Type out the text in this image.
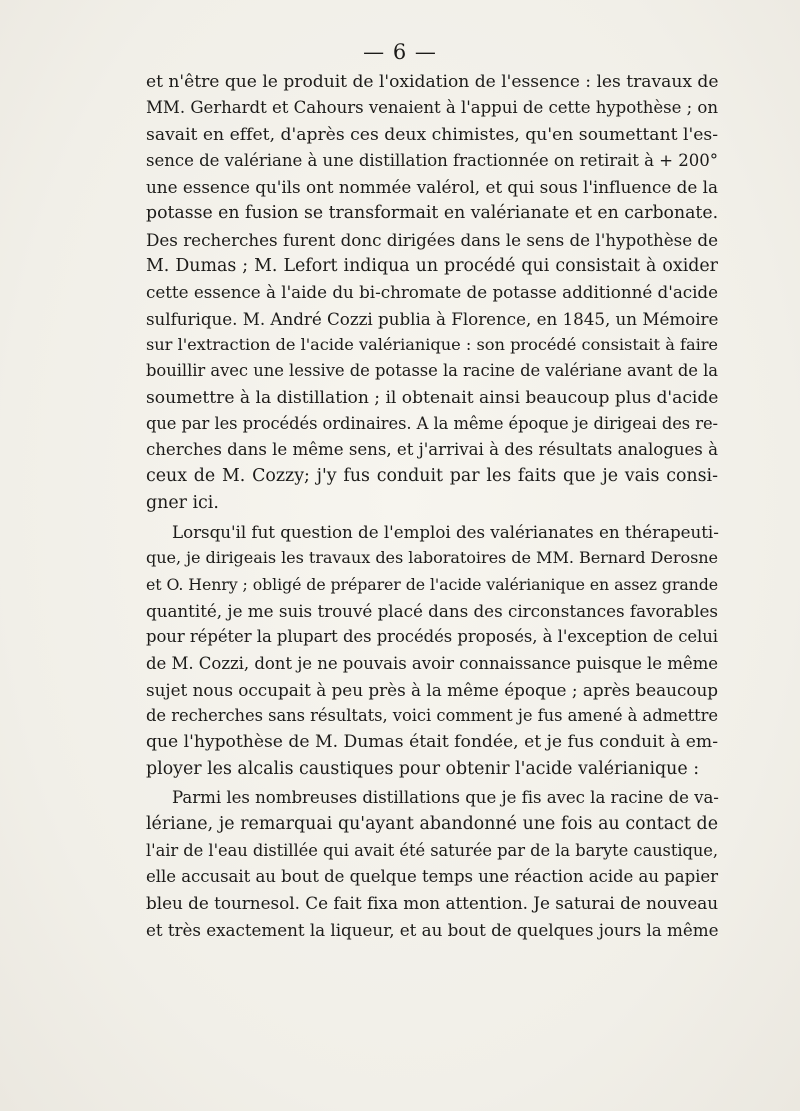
— 6 —
et n'être que le produit de l'oxidation de l'essence : les travaux de
MM. Gerhardt et Cahours venaient à l'appui de cette hypothèse ; on
savait en effet, d'après ces deux chimistes, qu'en soumettant l'es-
sence de valériane à une distillation fractionnée on retirait à + 200°
une essence qu'ils ont nommée valérol, et qui sous l'influence de la
potasse en fusion se transformait en valérianate et en carbonate.
Des recherches furent donc dirigées dans le sens de l'hypothèse de
M. Dumas ; M. Lefort indiqua un procédé qui consistait à oxider
cette essence à l'aide du bi-chromate de potasse additionné d'acide
sulfurique. M. André Cozzi publia à Florence, en 1845, un Mémoire
sur l'extraction de l'acide valérianique : son procédé consistait à faire
bouillir avec une lessive de potasse la racine de valériane avant de la
soumettre à la distillation ; il obtenait ainsi beaucoup plus d'acide
que par les procédés ordinaires. A la même époque je dirigeai des re-
cherches dans le même sens, et j'arrivai à des résultats analogues à
ceux de M. Cozzy; j'y fus conduit par les faits que je vais consi-
gner ici.
Lorsqu'il fut question de l'emploi des valérianates en thérapeuti-
que, je dirigeais les travaux des laboratoires de MM. Bernard Derosne
et O. Henry ; obligé de préparer de l'acide valérianique en assez grande
quantité, je me suis trouvé placé dans des circonstances favorables
pour répéter la plupart des procédés proposés, à l'exception de celui
de M. Cozzi, dont je ne pouvais avoir connaissance puisque le même
sujet nous occupait à peu près à la même époque ; après beaucoup
de recherches sans résultats, voici comment je fus amené à admettre
que l'hypothèse de M. Dumas était fondée, et je fus conduit à em-
ployer les alcalis caustiques pour obtenir l'acide valérianique :
Parmi les nombreuses distillations que je fis avec la racine de va-
lériane, je remarquai qu'ayant abandonné une fois au contact de
l'air de l'eau distillée qui avait été saturée par de la baryte caustique,
elle accusait au bout de quelque temps une réaction acide au papier
bleu de tournesol. Ce fait fixa mon attention. Je saturai de nouveau
et très exactement la liqueur, et au bout de quelques jours la même
